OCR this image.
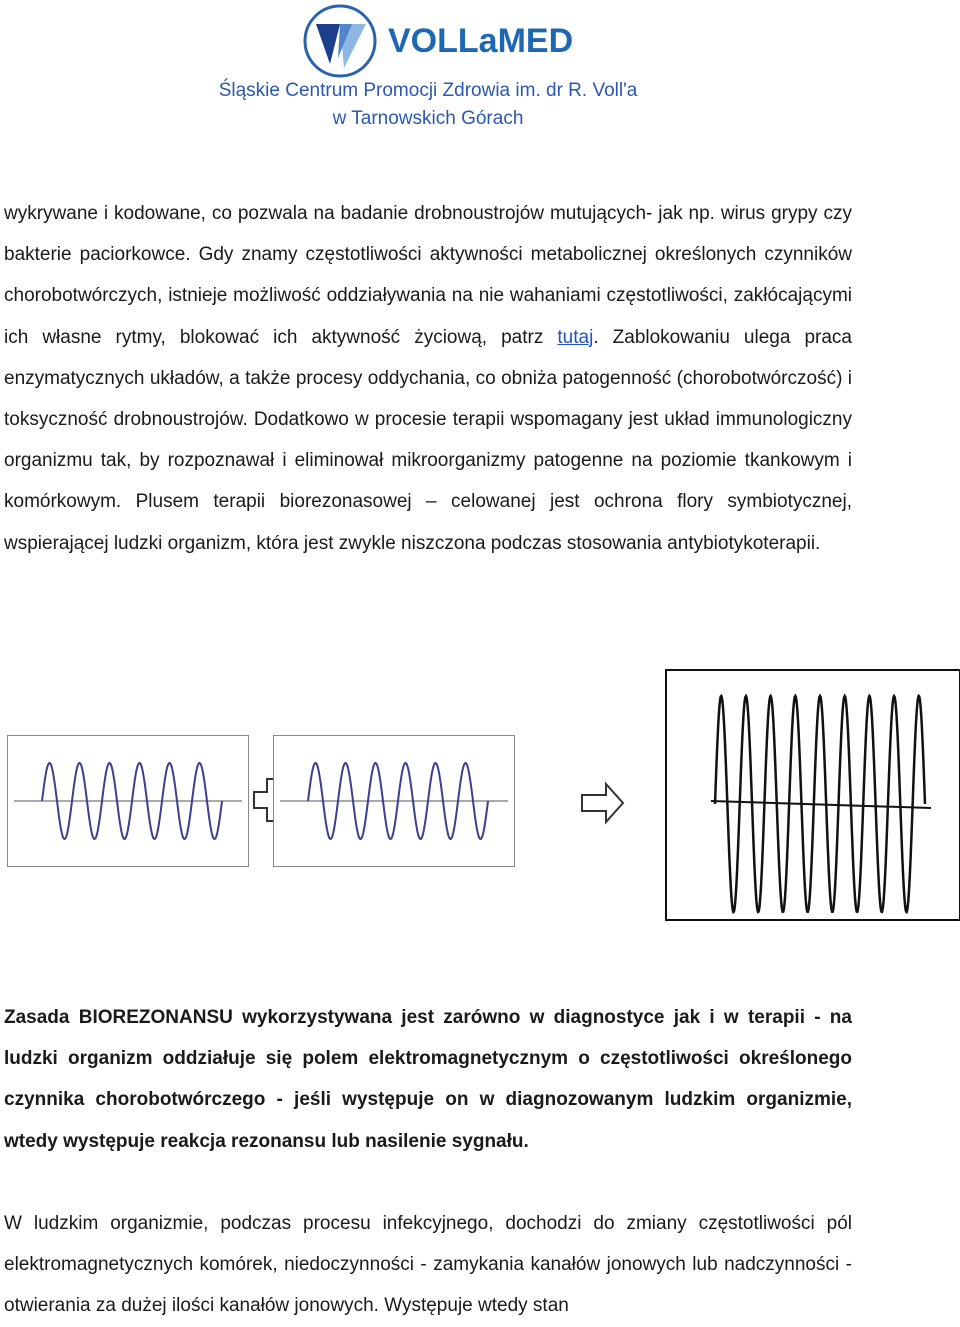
VOLLaMED
Śląskie Centrum Promocji Zdrowia im. dr R. Voll'a
w Tarnowskich Górach
wykrywane i kodowane, co pozwala na badanie drobnoustrojów mutujących- jak np. wirus grypy czy bakterie paciorkowce. Gdy znamy częstotliwości aktywności metabolicznej określonych czynników chorobotwórczych, istnieje możliwość oddziaływania na nie wahaniami częstotliwości, zakłócającymi ich własne rytmy, blokować ich aktywność życiową, patrz tutaj. Zablokowaniu ulega praca enzymatycznych układów, a także procesy oddychania, co obniża patogenność (chorobotwórczość) i toksyczność drobnoustrojów. Dodatkowo w procesie terapii wspomagany jest układ immunologiczny organizmu tak, by rozpoznawał i eliminował mikroorganizmy patogenne na poziomie tkankowym i komórkowym. Plusem terapii biorezonasowej – celowanej jest ochrona flory symbiotycznej, wspierającej ludzki organizm, która jest zwykle niszczona podczas stosowania antybiotykoterapii.
Zasada BIOREZONANSU wykorzystywana jest zarówno w diagnostyce jak i w terapii - na ludzki organizm oddziałuje się polem elektromagnetycznym o częstotliwości określonego czynnika chorobotwórczego - jeśli występuje on w diagnozowanym ludzkim organizmie, wtedy występuje reakcja rezonansu lub nasilenie sygnału.
W ludzkim organizmie, podczas procesu infekcyjnego, dochodzi do zmiany częstotliwości pól elektromagnetycznych komórek, niedoczynności - zamykania kanałów jonowych lub nadczynności - otwierania za dużej ilości kanałów jonowych. Występuje wtedy stan
